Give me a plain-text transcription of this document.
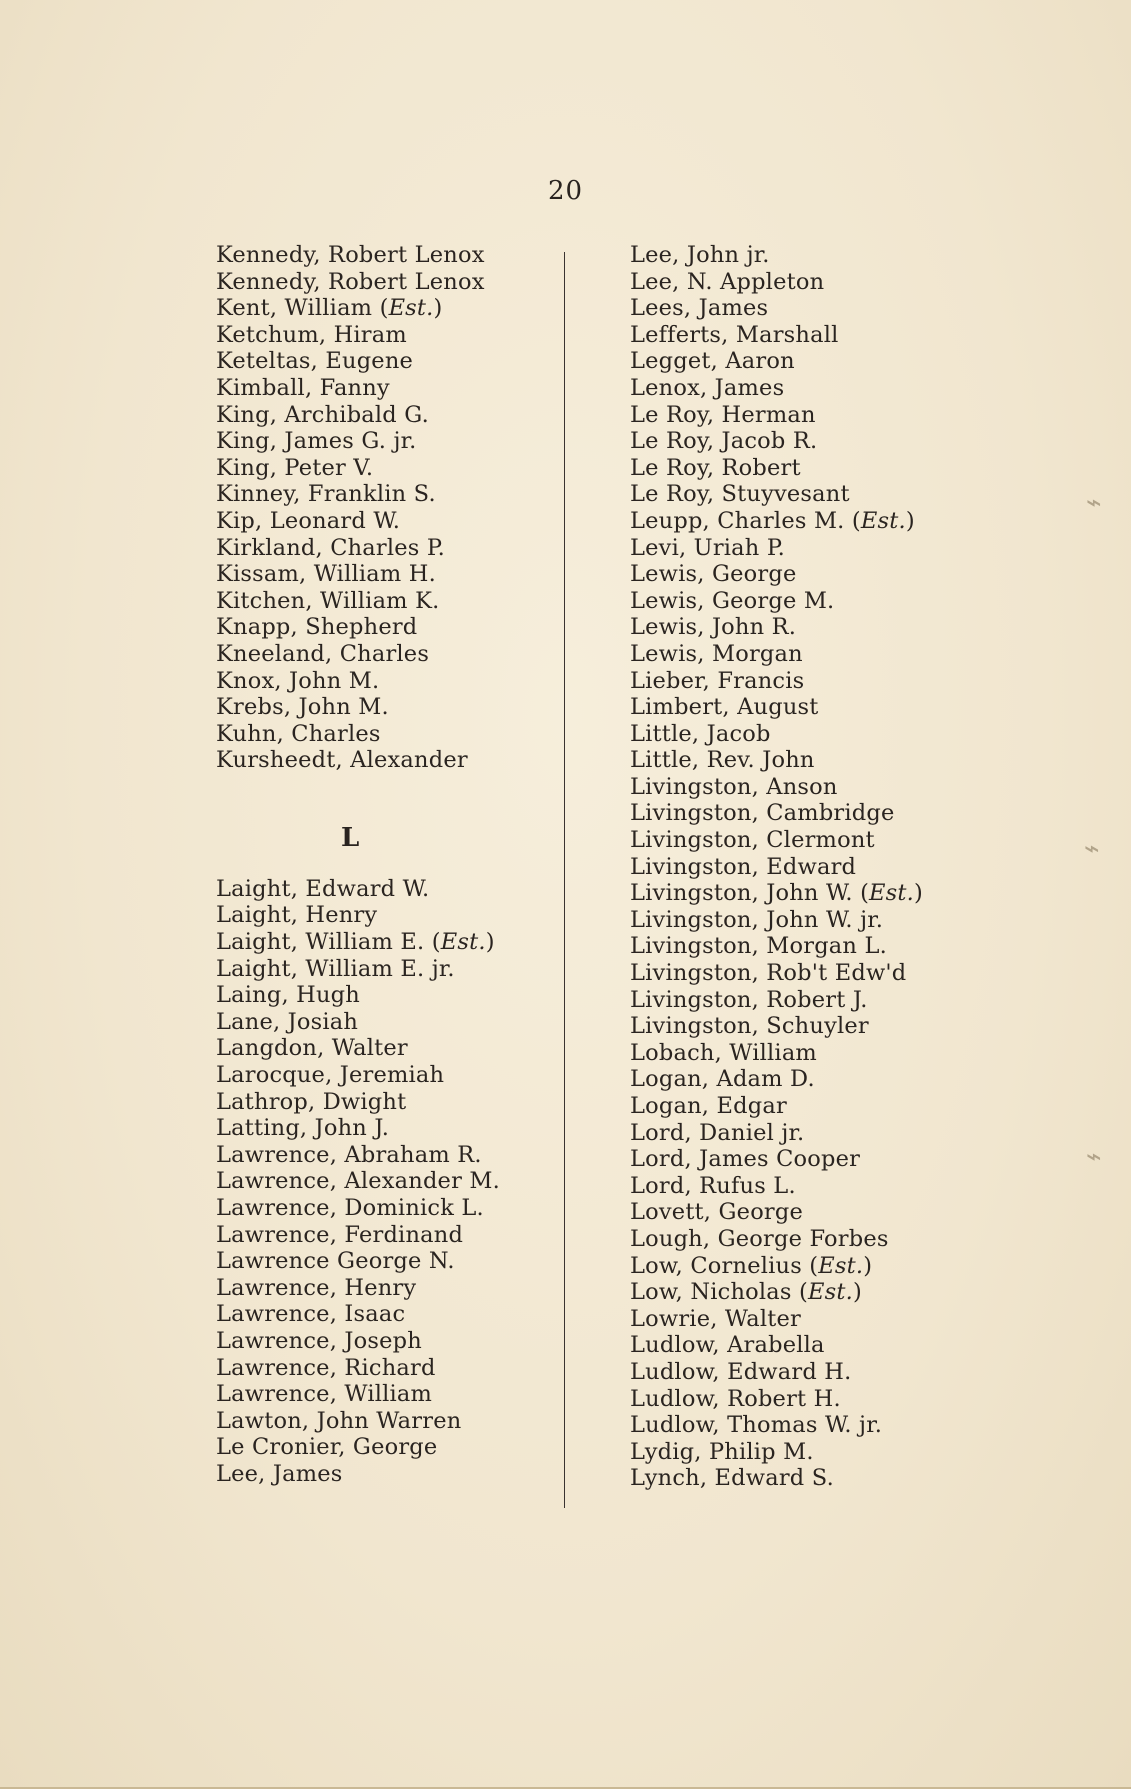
20
Kennedy, Robert Lenox
Kennedy, Robert Lenox
Kent, William (Est.)
Ketchum, Hiram
Keteltas, Eugene
Kimball, Fanny
King, Archibald G.
King, James G. jr.
King, Peter V.
Kinney, Franklin S.
Kip, Leonard W.
Kirkland, Charles P.
Kissam, William H.
Kitchen, William K.
Knapp, Shepherd
Kneeland, Charles
Knox, John M.
Krebs, John M.
Kuhn, Charles
Kursheedt, Alexander
L
Laight, Edward W.
Laight, Henry
Laight, William E. (Est.)
Laight, William E. jr.
Laing, Hugh
Lane, Josiah
Langdon, Walter
Larocque, Jeremiah
Lathrop, Dwight
Latting, John J.
Lawrence, Abraham R.
Lawrence, Alexander M.
Lawrence, Dominick L.
Lawrence, Ferdinand
Lawrence George N.
Lawrence, Henry
Lawrence, Isaac
Lawrence, Joseph
Lawrence, Richard
Lawrence, William
Lawton, John Warren
Le Cronier, George
Lee, James
Lee, John jr.
Lee, N. Appleton
Lees, James
Lefferts, Marshall
Legget, Aaron
Lenox, James
Le Roy, Herman
Le Roy, Jacob R.
Le Roy, Robert
Le Roy, Stuyvesant
Leupp, Charles M. (Est.)
Levi, Uriah P.
Lewis, George
Lewis, George M.
Lewis, John R.
Lewis, Morgan
Lieber, Francis
Limbert, August
Little, Jacob
Little, Rev. John
Livingston, Anson
Livingston, Cambridge
Livingston, Clermont
Livingston, Edward
Livingston, John W. (Est.)
Livingston, John W. jr.
Livingston, Morgan L.
Livingston, Rob't Edw'd
Livingston, Robert J.
Livingston, Schuyler
Lobach, William
Logan, Adam D.
Logan, Edgar
Lord, Daniel jr.
Lord, James Cooper
Lord, Rufus L.
Lovett, George
Lough, George Forbes
Low, Cornelius (Est.)
Low, Nicholas (Est.)
Lowrie, Walter
Ludlow, Arabella
Ludlow, Edward H.
Ludlow, Robert H.
Ludlow, Thomas W. jr.
Lydig, Philip M.
Lynch, Edward S.
⌁
⌁
⌁
